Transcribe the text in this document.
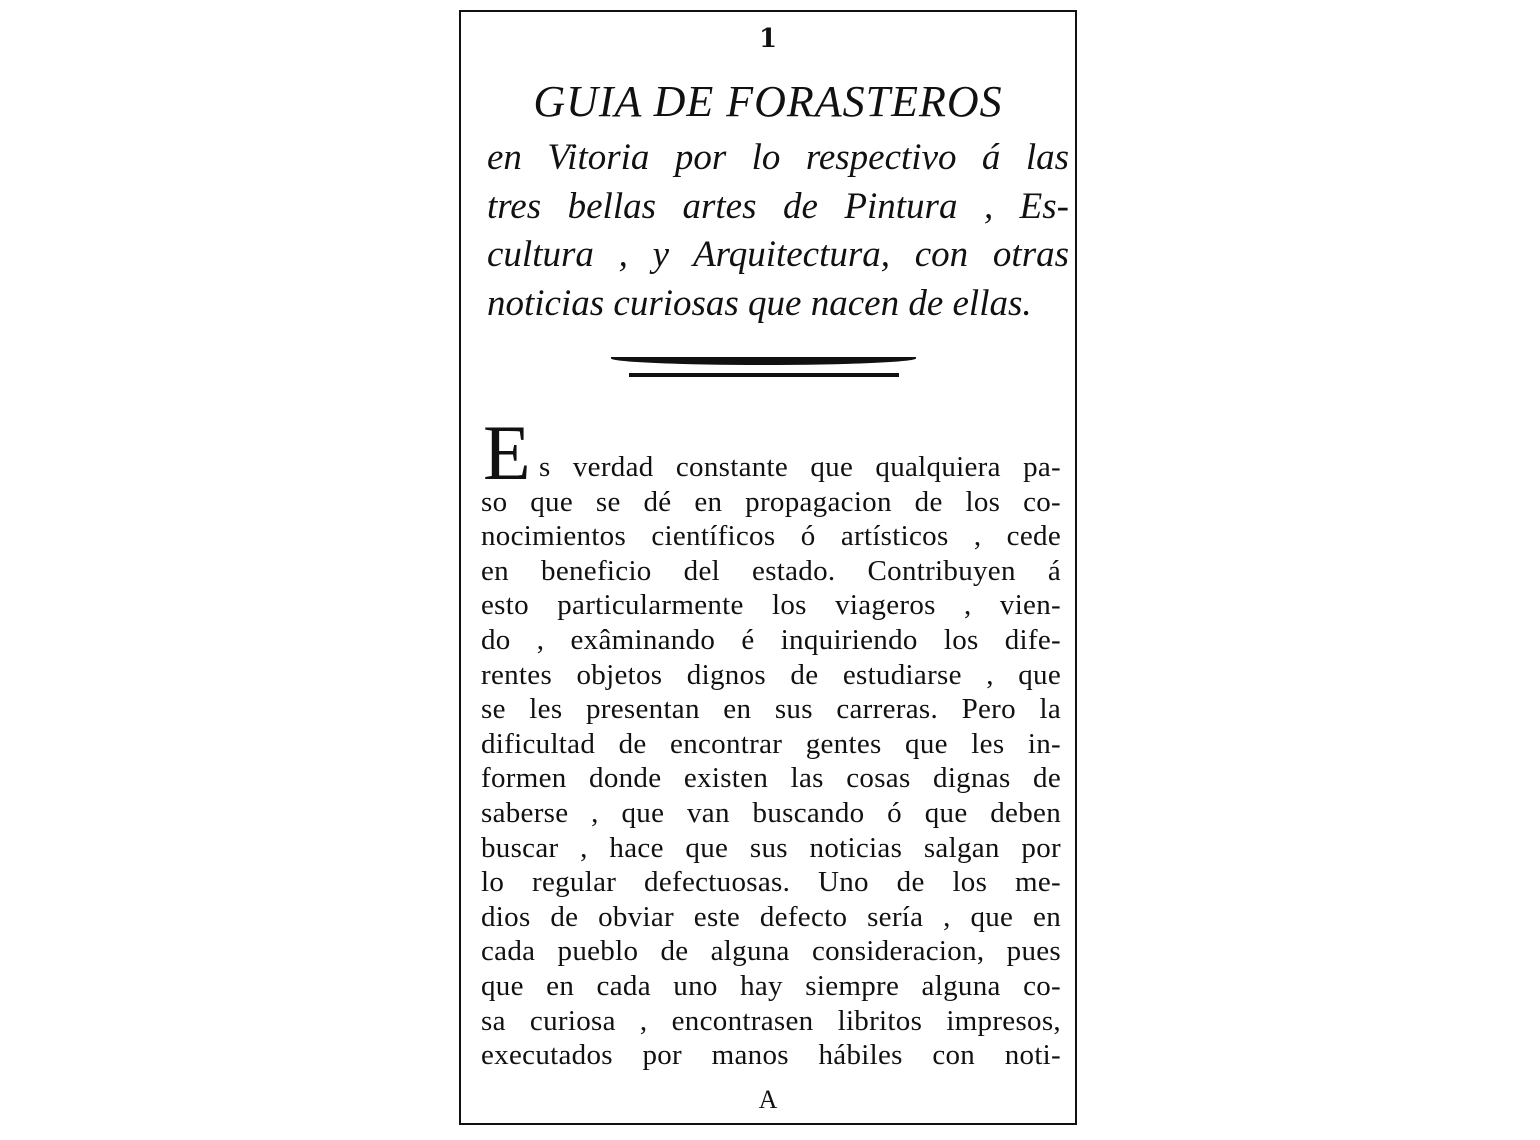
1
GUIA DE FORASTEROS
en Vitoria por lo respectivo á las
tres bellas artes de Pintura , Es-
cultura , y Arquitectura, con otras
noticias curiosas que nacen de ellas.
E s verdad constante que qualquiera pa-
so que se dé en propagacion de los co-
nocimientos científicos ó artísticos , cede
en beneficio del estado. Contribuyen á
esto particularmente los viageros , vien-
do , exâminando é inquiriendo los dife-
rentes objetos dignos de estudiarse , que
se les presentan en sus carreras. Pero la
dificultad de encontrar gentes que les in-
formen donde existen las cosas dignas de
saberse , que van buscando ó que deben
buscar , hace que sus noticias salgan por
lo regular defectuosas. Uno de los me-
dios de obviar este defecto sería , que en
cada pueblo de alguna consideracion, pues
que en cada uno hay siempre alguna co-
sa curiosa , encontrasen libritos impresos,
executados por manos hábiles con noti-
A
